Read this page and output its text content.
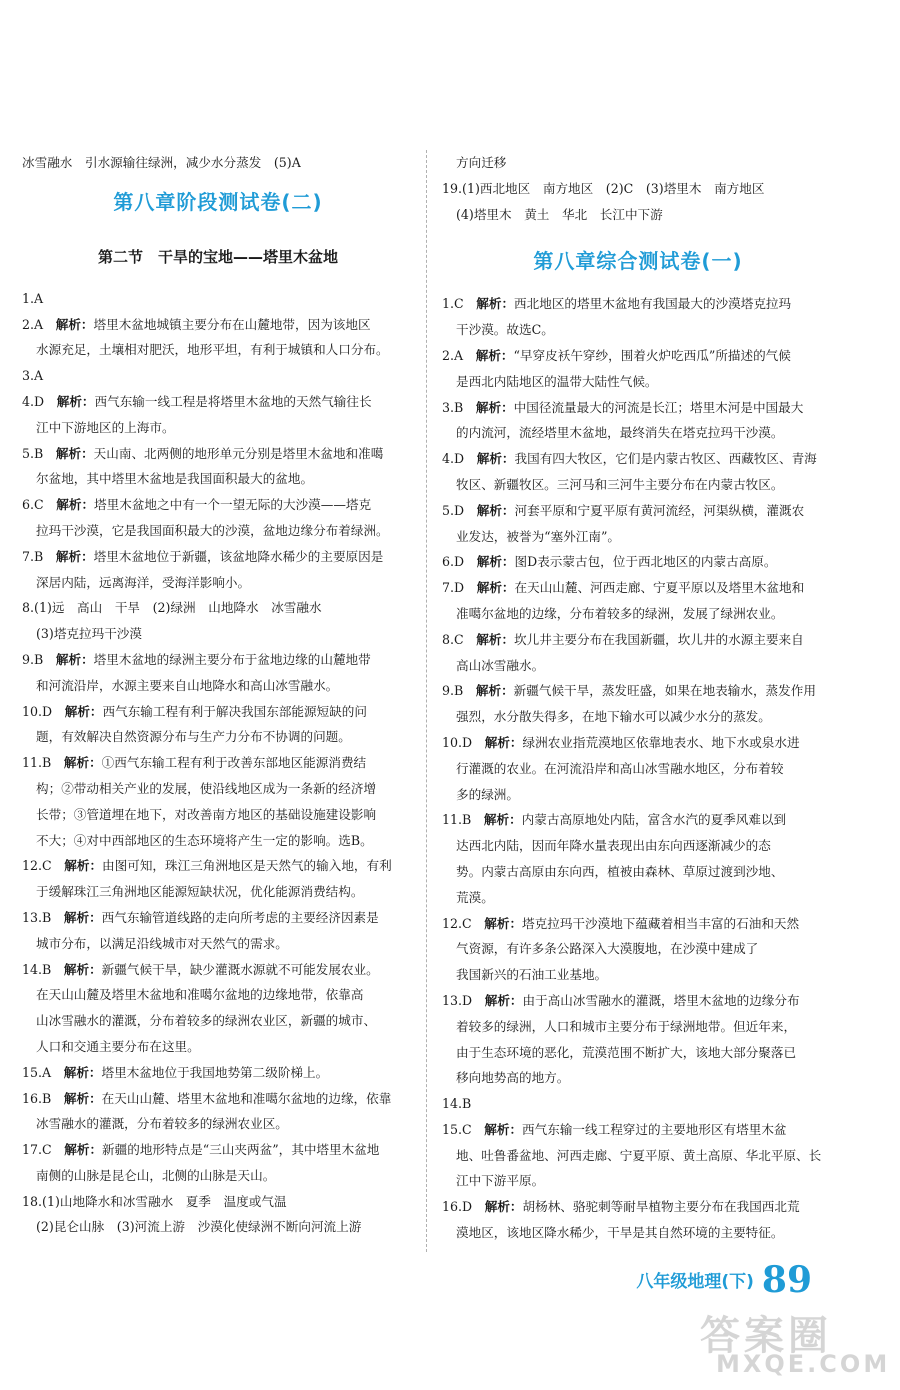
冰雪融水　引水源输往绿洲，减少水分蒸发　(5)A
第八章阶段测试卷(二)
第二节　干旱的宝地——塔里木盆地
1.A
2.A　解析：塔里木盆地城镇主要分布在山麓地带，因为该地区
水源充足，土壤相对肥沃，地形平坦，有利于城镇和人口分布。
3.A
4.D　解析：西气东输一线工程是将塔里木盆地的天然气输往长
江中下游地区的上海市。
5.B　解析：天山南、北两侧的地形单元分别是塔里木盆地和准噶
尔盆地，其中塔里木盆地是我国面积最大的盆地。
6.C　解析：塔里木盆地之中有一个一望无际的大沙漠——塔克
拉玛干沙漠，它是我国面积最大的沙漠，盆地边缘分布着绿洲。
7.B　解析：塔里木盆地位于新疆，该盆地降水稀少的主要原因是
深居内陆，远离海洋，受海洋影响小。
8.(1)远　高山　干旱　(2)绿洲　山地降水　冰雪融水
(3)塔克拉玛干沙漠
9.B　解析：塔里木盆地的绿洲主要分布于盆地边缘的山麓地带
和河流沿岸，水源主要来自山地降水和高山冰雪融水。
10.D　解析：西气东输工程有利于解决我国东部能源短缺的问
题，有效解决自然资源分布与生产力分布不协调的问题。
11.B　解析：①西气东输工程有利于改善东部地区能源消费结
构；②带动相关产业的发展，使沿线地区成为一条新的经济增
长带；③管道埋在地下，对改善南方地区的基础设施建设影响
不大；④对中西部地区的生态环境将产生一定的影响。选B。
12.C　解析：由图可知，珠江三角洲地区是天然气的输入地，有利
于缓解珠江三角洲地区能源短缺状况，优化能源消费结构。
13.B　解析：西气东输管道线路的走向所考虑的主要经济因素是
城市分布，以满足沿线城市对天然气的需求。
14.B　解析：新疆气候干旱，缺少灌溉水源就不可能发展农业。
在天山山麓及塔里木盆地和准噶尔盆地的边缘地带，依靠高
山冰雪融水的灌溉，分布着较多的绿洲农业区，新疆的城市、
人口和交通主要分布在这里。
15.A　解析：塔里木盆地位于我国地势第二级阶梯上。
16.B　解析：在天山山麓、塔里木盆地和准噶尔盆地的边缘，依靠
冰雪融水的灌溉，分布着较多的绿洲农业区。
17.C　解析：新疆的地形特点是“三山夹两盆”，其中塔里木盆地
南侧的山脉是昆仑山，北侧的山脉是天山。
18.(1)山地降水和冰雪融水　夏季　温度或气温
(2)昆仑山脉　(3)河流上游　沙漠化使绿洲不断向河流上游
方向迁移
19.(1)西北地区　南方地区　(2)C　(3)塔里木　南方地区
(4)塔里木　黄土　华北　长江中下游
第八章综合测试卷(一)
1.C　解析：西北地区的塔里木盆地有我国最大的沙漠塔克拉玛
干沙漠。故选C。
2.A　解析：“早穿皮袄午穿纱，围着火炉吃西瓜”所描述的气候
是西北内陆地区的温带大陆性气候。
3.B　解析：中国径流量最大的河流是长江；塔里木河是中国最大
的内流河，流经塔里木盆地，最终消失在塔克拉玛干沙漠。
4.D　解析：我国有四大牧区，它们是内蒙古牧区、西藏牧区、青海
牧区、新疆牧区。三河马和三河牛主要分布在内蒙古牧区。
5.D　解析：河套平原和宁夏平原有黄河流经，河渠纵横，灌溉农
业发达，被誉为“塞外江南”。
6.D　解析：图D表示蒙古包，位于西北地区的内蒙古高原。
7.D　解析：在天山山麓、河西走廊、宁夏平原以及塔里木盆地和
准噶尔盆地的边缘，分布着较多的绿洲，发展了绿洲农业。
8.C　解析：坎儿井主要分布在我国新疆，坎儿井的水源主要来自
高山冰雪融水。
9.B　解析：新疆气候干旱，蒸发旺盛，如果在地表输水，蒸发作用
强烈，水分散失得多，在地下输水可以减少水分的蒸发。
10.D　解析：绿洲农业指荒漠地区依靠地表水、地下水或泉水进
行灌溉的农业。在河流沿岸和高山冰雪融水地区，分布着较
多的绿洲。
11.B　解析：内蒙古高原地处内陆，富含水汽的夏季风难以到
达西北内陆，因而年降水量表现出由东向西逐渐减少的态
势。内蒙古高原由东向西，植被由森林、草原过渡到沙地、
荒漠。
12.C　解析：塔克拉玛干沙漠地下蕴藏着相当丰富的石油和天然
气资源，有许多条公路深入大漠腹地，在沙漠中建成了
我国新兴的石油工业基地。
13.D　解析：由于高山冰雪融水的灌溉，塔里木盆地的边缘分布
着较多的绿洲，人口和城市主要分布于绿洲地带。但近年来，
由于生态环境的恶化，荒漠范围不断扩大，该地大部分聚落已
移向地势高的地方。
14.B
15.C　解析：西气东输一线工程穿过的主要地形区有塔里木盆
地、吐鲁番盆地、河西走廊、宁夏平原、黄土高原、华北平原、长
江中下游平原。
16.D　解析：胡杨林、骆驼刺等耐旱植物主要分布在我国西北荒
漠地区，该地区降水稀少，干旱是其自然环境的主要特征。
八年级地理(下) 89
答案圈
MXQE.COM
